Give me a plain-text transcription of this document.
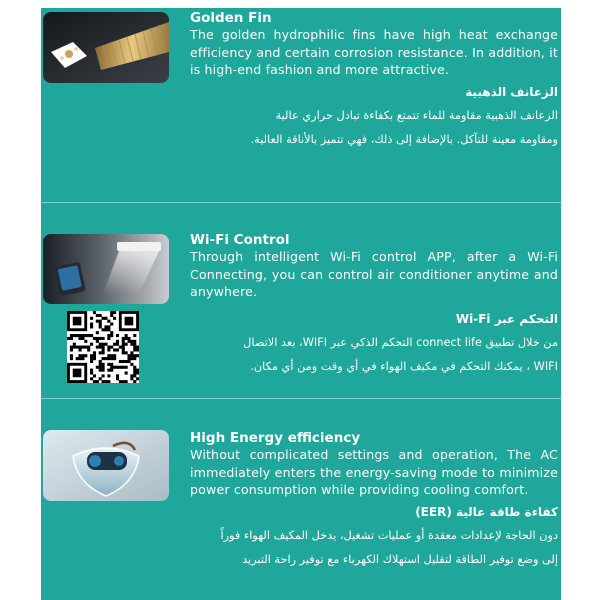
Golden Fin
The golden hydrophilic fins have high heat exchange efficiency and certain corrosion resistance. In addition, it is high-end fashion and more attractive.
الزعانف الذهبية
الزعانف الذهبية مقاومة للماء تتمتع بكفاءة تبادل حراري عالية
ومقاومة معينة للتآكل. بالإضافة إلى ذلك، فهي تتميز بالأناقة العالية.
Wi-Fi Control
Through intelligent Wi-Fi control APP, after a Wi-Fi Connecting, you can control air conditioner anytime and anywhere.
التحكم عبر Wi-Fi
من خلال تطبيق connect life التحكم الذكي عبر WIFI، بعد الاتصال
WIFI ، يمكنك التحكم في مكيف الهواء في أي وقت ومن أي مكان.
High Energy efficiency
Without complicated settings and operation, The AC immediately enters the energy-saving mode to minimize power consumption while providing cooling comfort.
كفاءة طاقة عالية (EER)
دون الحاجة لإعدادات معقدة أو عمليات تشغيل، يدخل المكيف الهواء فوراً
إلى وضع توفير الطاقة لتقليل استهلاك الكهرباء مع توفير راحة التبريد
